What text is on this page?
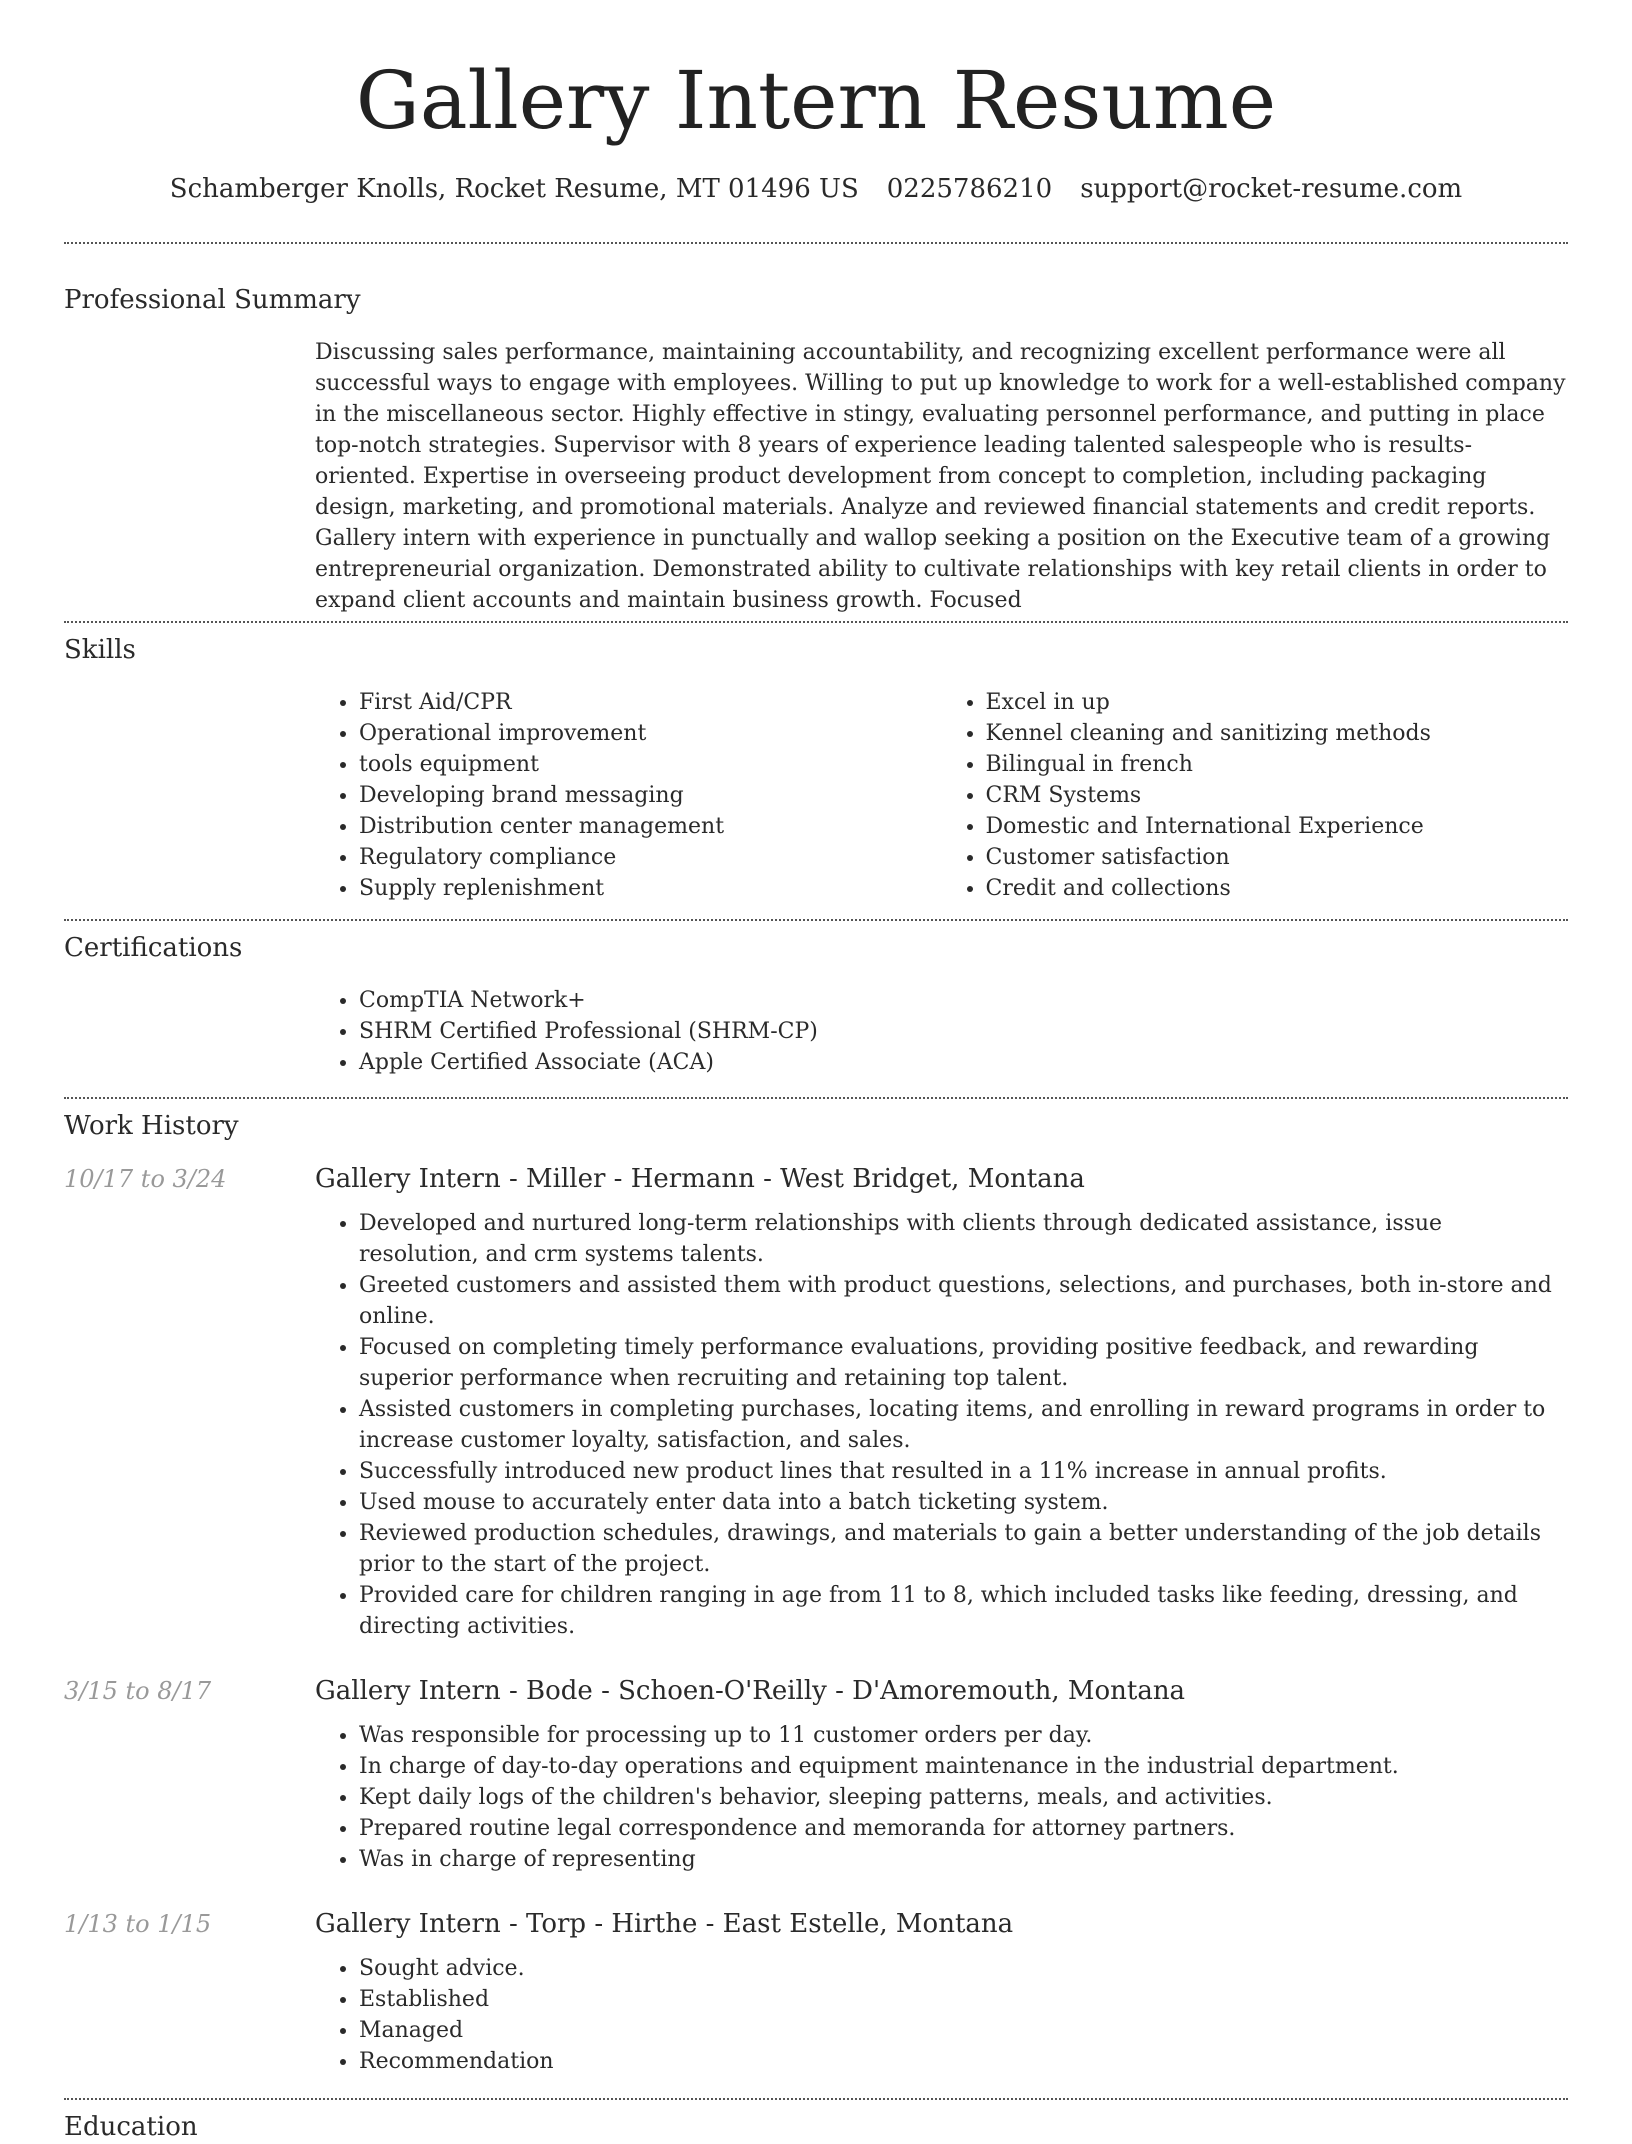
Gallery Intern Resume
Schamberger Knolls, Rocket Resume, MT 01496 US 0225786210 support@rocket-resume.com
Professional Summary
Discussing sales performance, maintaining accountability, and recognizing excellent performance were all successful ways to engage with employees. Willing to put up knowledge to work for a well-established company in the miscellaneous sector. Highly effective in stingy, evaluating personnel performance, and putting in place top-notch strategies. Supervisor with 8 years of experience leading talented salespeople who is results-oriented. Expertise in overseeing product development from concept to completion, including packaging design, marketing, and promotional materials. Analyze and reviewed financial statements and credit reports. Gallery intern with experience in punctually and wallop seeking a position on the Executive team of a growing entrepreneurial organization. Demonstrated ability to cultivate relationships with key retail clients in order to expand client accounts and maintain business growth. Focused
Skills
• First Aid/CPR
• Operational improvement
• tools equipment
• Developing brand messaging
• Distribution center management
• Regulatory compliance
• Supply replenishment
• Excel in up
• Kennel cleaning and sanitizing methods
• Bilingual in french
• CRM Systems
• Domestic and International Experience
• Customer satisfaction
• Credit and collections
Certifications
• CompTIA Network+
• SHRM Certified Professional (SHRM-CP)
• Apple Certified Associate (ACA)
Work History
10/17 to 3/24	Gallery Intern - Miller - Hermann - West Bridget, Montana
• Developed and nurtured long-term relationships with clients through dedicated assistance, issue resolution, and crm systems talents.
• Greeted customers and assisted them with product questions, selections, and purchases, both in-store and online.
• Focused on completing timely performance evaluations, providing positive feedback, and rewarding superior performance when recruiting and retaining top talent.
• Assisted customers in completing purchases, locating items, and enrolling in reward programs in order to increase customer loyalty, satisfaction, and sales.
• Successfully introduced new product lines that resulted in a 11% increase in annual profits.
• Used mouse to accurately enter data into a batch ticketing system.
• Reviewed production schedules, drawings, and materials to gain a better understanding of the job details prior to the start of the project.
• Provided care for children ranging in age from 11 to 8, which included tasks like feeding, dressing, and directing activities.
3/15 to 8/17	Gallery Intern - Bode - Schoen-O'Reilly - D'Amoremouth, Montana
• Was responsible for processing up to 11 customer orders per day.
• In charge of day-to-day operations and equipment maintenance in the industrial department.
• Kept daily logs of the children's behavior, sleeping patterns, meals, and activities.
• Prepared routine legal correspondence and memoranda for attorney partners.
• Was in charge of representing
1/13 to 1/15	Gallery Intern - Torp - Hirthe - East Estelle, Montana
• Sought advice.
• Established
• Managed
• Recommendation
Education
